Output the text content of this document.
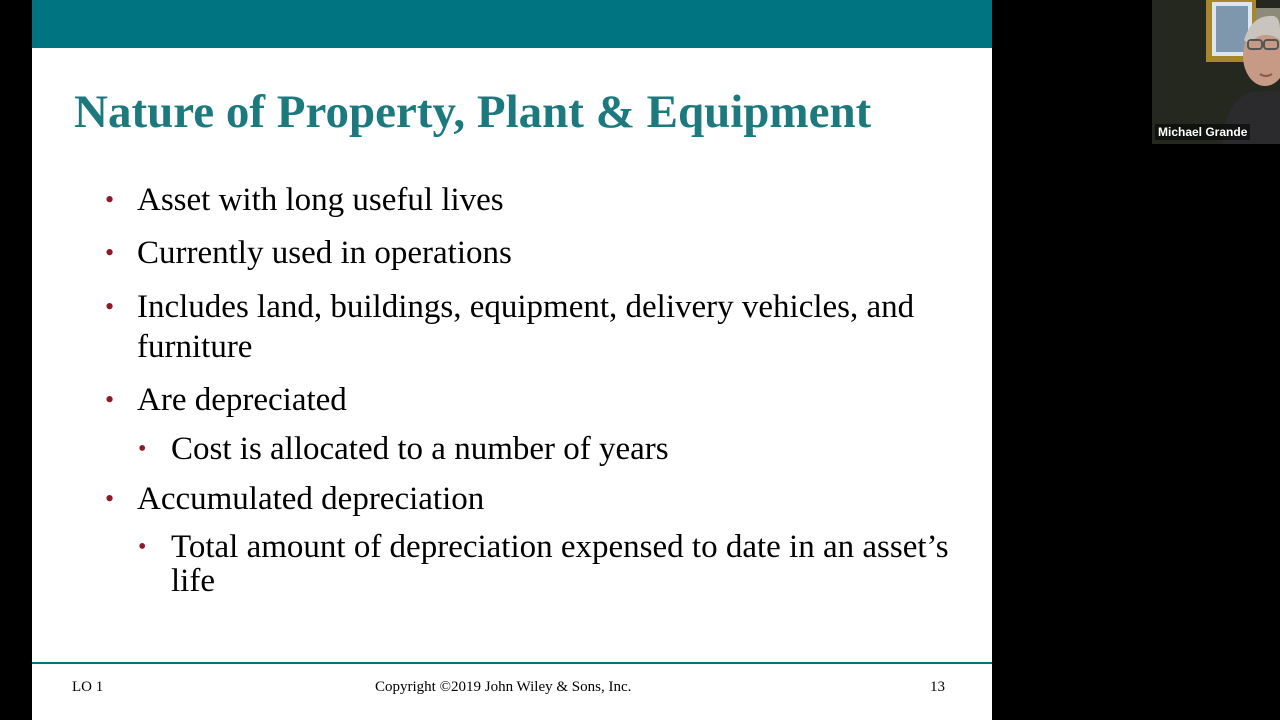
Nature of Property, Plant & Equipment
• Asset with long useful lives
• Currently used in operations
• Includes land, buildings, equipment, delivery vehicles, and furniture
• Are depreciated
• Cost is allocated to a number of years
• Accumulated depreciation
• Total amount of depreciation expensed to date in an asset’s life
LO 1	Copyright ©2019 John Wiley & Sons, Inc.	13
Michael Grande
